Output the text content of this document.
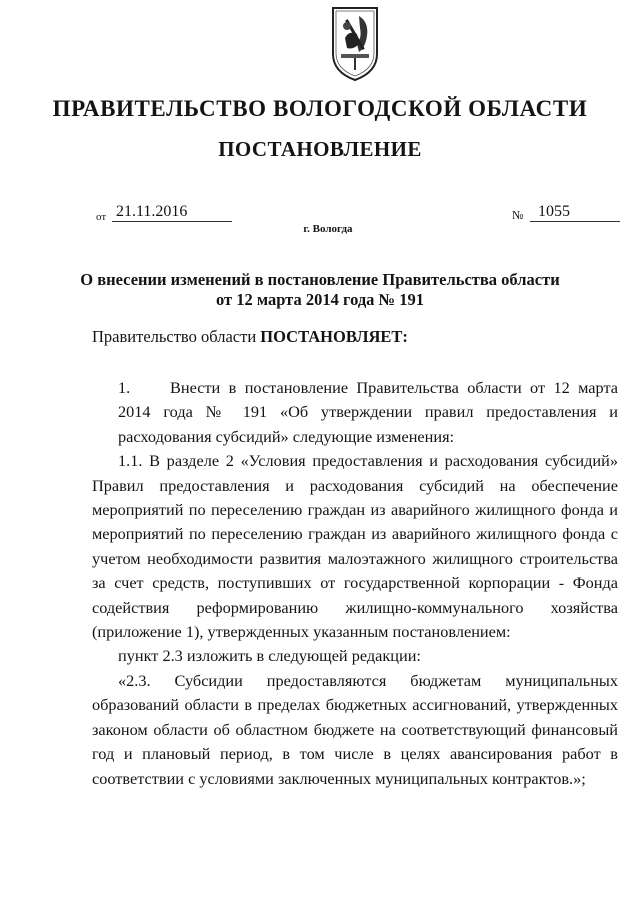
ПРАВИТЕЛЬСТВО ВОЛОГОДСКОЙ ОБЛАСТИ
ПОСТАНОВЛЕНИЕ
от 21.11.2016	№ 1055
г. Вологда
О внесении изменений в постановление Правительства области
от 12 марта 2014 года № 191
Правительство области ПОСТАНОВЛЯЕТ:

1. Внести в постановление Правительства области от 12 марта 2014 года № 191 «Об утверждении правил предоставления и расходования субсидий» следующие изменения:

1.1. В разделе 2 «Условия предоставления и расходования субсидий» Правил предоставления и расходования субсидий на обеспечение мероприятий по переселению граждан из аварийного жилищного фонда и мероприятий по переселению граждан из аварийного жилищного фонда с учетом необходимости развития малоэтажного жилищного строительства за счет средств, поступивших от государственной корпорации - Фонда содействия реформированию жилищно-коммунального хозяйства (приложение 1), утвержденных указанным постановлением:

пункт 2.3 изложить в следующей редакции:

«2.3. Субсидии предоставляются бюджетам муниципальных образований области в пределах бюджетных ассигнований, утвержденных законом области об областном бюджете на соответствующий финансовый год и плановый период, в том числе в целях авансирования работ в соответствии с условиями заключенных муниципальных контрактов.»;
